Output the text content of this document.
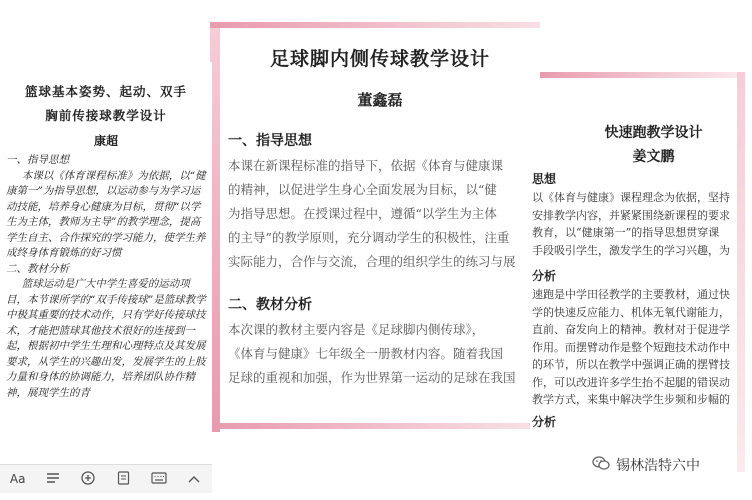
篮球基本姿势、起动、双手
胸前传接球教学设计
康超
一、指导思想

本课以《体育课程标准》为依据，以“健康第一”为指导思想，以运动参与为学习运动技能，培养身心健康为目标，贯彻“以学生为主体，教师为主导”的教学理念，提高学生自主、合作探究的学习能力，使学生养成终身体育锻炼的好习惯

二、教材分析

篮球运动是广大中学生喜爱的运动项目，本节课所学的“双手传接球”是篮球教学中极其重要的技术动作，只有学好传接球技术，才能把篮球其他技术很好的连接到一起，根据初中学生生理和心理特点及其发展要求，从学生的兴趣出发，发展学生的上肢力量和身体的协调能力，培养团队协作精神，展现学生的青

Aa
足球脚内侧传球教学设计
董鑫磊
一、指导思想
本课在新课程标准的指导下，依据《体育与健康课
的精神，以促进学生身心全面发展为目标，以“健
为指导思想。在授课过程中，遵循“以学生为主体
的主导”的教学原则，充分调动学生的积极性，注重
实际能力，合作与交流，合理的组织学生的练习与展
二、教材分析
本次课的教材主要内容是《足球脚内侧传球》，
《体育与健康》七年级全一册教材内容。随着我国
足球的重视和加强，作为世界第一运动的足球在我国
快速跑教学设计
姜文鹏
思想
以《体育与健康》课程理念为依据，坚持
安排教学内容，并紧紧围绕新课程的要求
教育，以“健康第一”的指导思想贯穿课
手段吸引学生，激发学生的学习兴趣，为
分析
速跑是中学田径教学的主要教材，通过快
学的快速反应能力、机体无氧代谢能力，
直前、奋发向上的精神。教材对于促进学
作用。而摆臂动作是整个短跑技术动作中
的环节，所以在教学中强调正确的摆臂技
作，可以改进许多学生抬不起腿的错误动
教学方式，来集中解决学生步频和步幅的
分析
锡林浩特六中
